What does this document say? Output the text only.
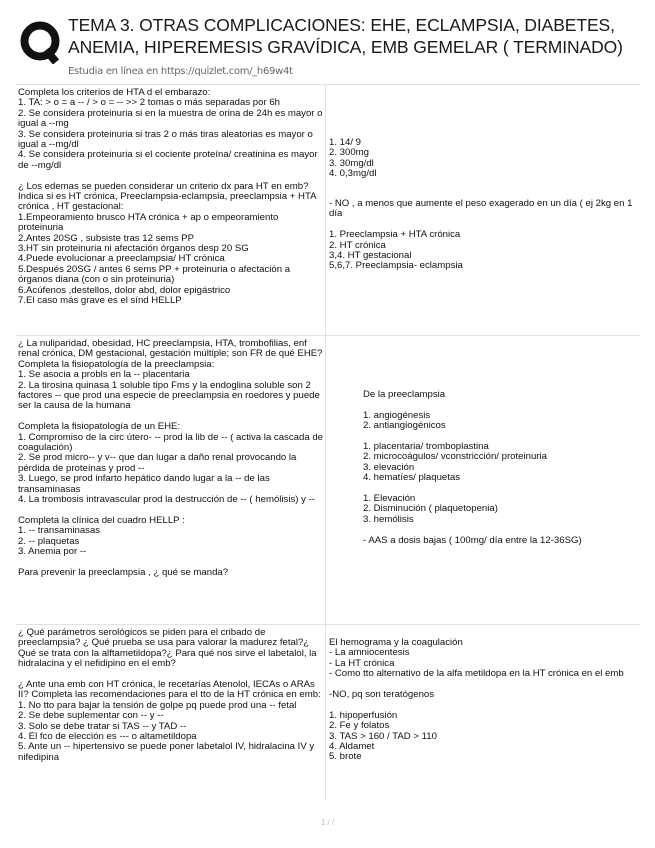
TEMA 3. OTRAS COMPLICACIONES: EHE, ECLAMPSIA, DIABETES, ANEMIA, HIPEREMESIS GRAVÍDICA, EMB GEMELAR ( TERMINADO)
Estudia en línea en https://quizlet.com/_h69w4t

Completa los criterios de HTA d el embarazo:
1. TA: > o = a -- / > o = -- >> 2 tomas o más separadas por 6h
2. Se considera proteinuria si en la muestra de orina de 24h es mayor o igual a --mg
3. Se considera proteinuria si tras 2 o más tiras aleatorias es mayor o igual a --mg/dl
4. Se considera proteinuria si el cociente proteína/ creatinina es mayor de --mg/dl

¿ Los edemas se pueden considerar un criterio dx para HT en emb? Indica si es HT crónica, Preeclampsia-eclampsia, preeclampsia + HTA crónica , HT gestacional:
1.Empeoramiento brusco HTA crónica + ap o empeoramiento proteinuria
2.Antes 20SG , subsiste tras 12 sems PP
3.HT sin proteinuria ni afectación órganos desp 20 SG
4.Puede evolucionar a preeclampsia/ HT crónica
5.Después 20SG / antes 6 sems PP + proteinuria o afectación a órganos diana (con o sin proteinuria)
6.Acúfenos ,destellos, dolor abd, dolor epigástrico
7.El caso más grave es el sínd HELLP

1. 14/ 9
2. 300mg
3. 30mg/dl
4. 0,3mg/dl

- NO , a menos que aumente el peso exagerado en un día ( ej 2kg en 1 día

1. Preeclampsia + HTA crónica
2. HT crónica
3,4. HT gestacional
5,6,7. Preeclampsia- eclampsia

¿ La nuliparidad, obesidad, HC preeclampsia, HTA, trombofilias, enf renal crónica, DM gestacional, gestación múltiple; son FR de qué EHE?Completa la fisiopatología de la preeclampsia:
1. Se asocia a probls en la -- placentaria
2. La tirosina quinasa 1 soluble tipo Fms y la endoglina soluble son 2 factores -- que prod una especie de preeclampsia en roedores y puede ser la causa de la humana

Completa la fisiopatología de un EHE:
1. Compromiso de la circ útero- -- prod la lib de -- ( activa la cascada de coagulación)
2. Se prod micro-- y v-- que dan lugar a daño renal provocando la pérdida de proteínas y prod --
3. Luego, se prod infarto hepático dando lugar a la -- de las transaminasas
4. La trombosis intravascular prod la destrucción de -- ( hemólisis) y --

Completa la clínica del cuadro HELLP :
1. -- transaminasas
2. -- plaquetas
3. Anemia por --

Para prevenir la preeclampsia , ¿ qué se manda?

De la preeclampsia

1. angiogénesis
2. antiangiogénicos

1. placentaria/ tromboplastina
2. microcoágulos/ vconstricción/ proteinuria
3. elevación
4. hematíes/ plaquetas

1. Elevación
2. Disminución ( plaquetopenia)
3. hemólisis

- AAS a dosis bajas ( 100mg/ día entre la 12-36SG)

¿ Qué parámetros serológicos se piden para el cribado de preeclampsia? ¿ Qué prueba se usa para valorar la madurez fetal?¿ Qué se trata con la alftametildopa?¿ Para qué nos sirve el labetalol, la hidralacina y el nefidipino en el emb?

¿ Ante una emb con HT crónica, le recetarías Atenolol, IECAs o ARAs II? Completa las recomendaciones para el tto de la HT crónica en emb:
1. No tto para bajar la tensión de golpe pq puede prod una -- fetal
2. Se debe suplementar con -- y --
3. Solo se debe tratar si TAS -- y TAD --
4. El fco de elección es --- o altametildopa
5. Ante un -- hipertensivo se puede poner labetalol IV, hidralacina IV y nifedipina

El hemograma y la coagulación
- La amniocentesis
- La HT crónica
- Como tto alternativo de la alfa metildopa en la HT crónica en el emb

-NO, pq son teratógenos

1. hipoperfusión
2. Fe y folatos
3. TAS > 160 / TAD > 110
4. Aldamet
5. brote

1 / /
